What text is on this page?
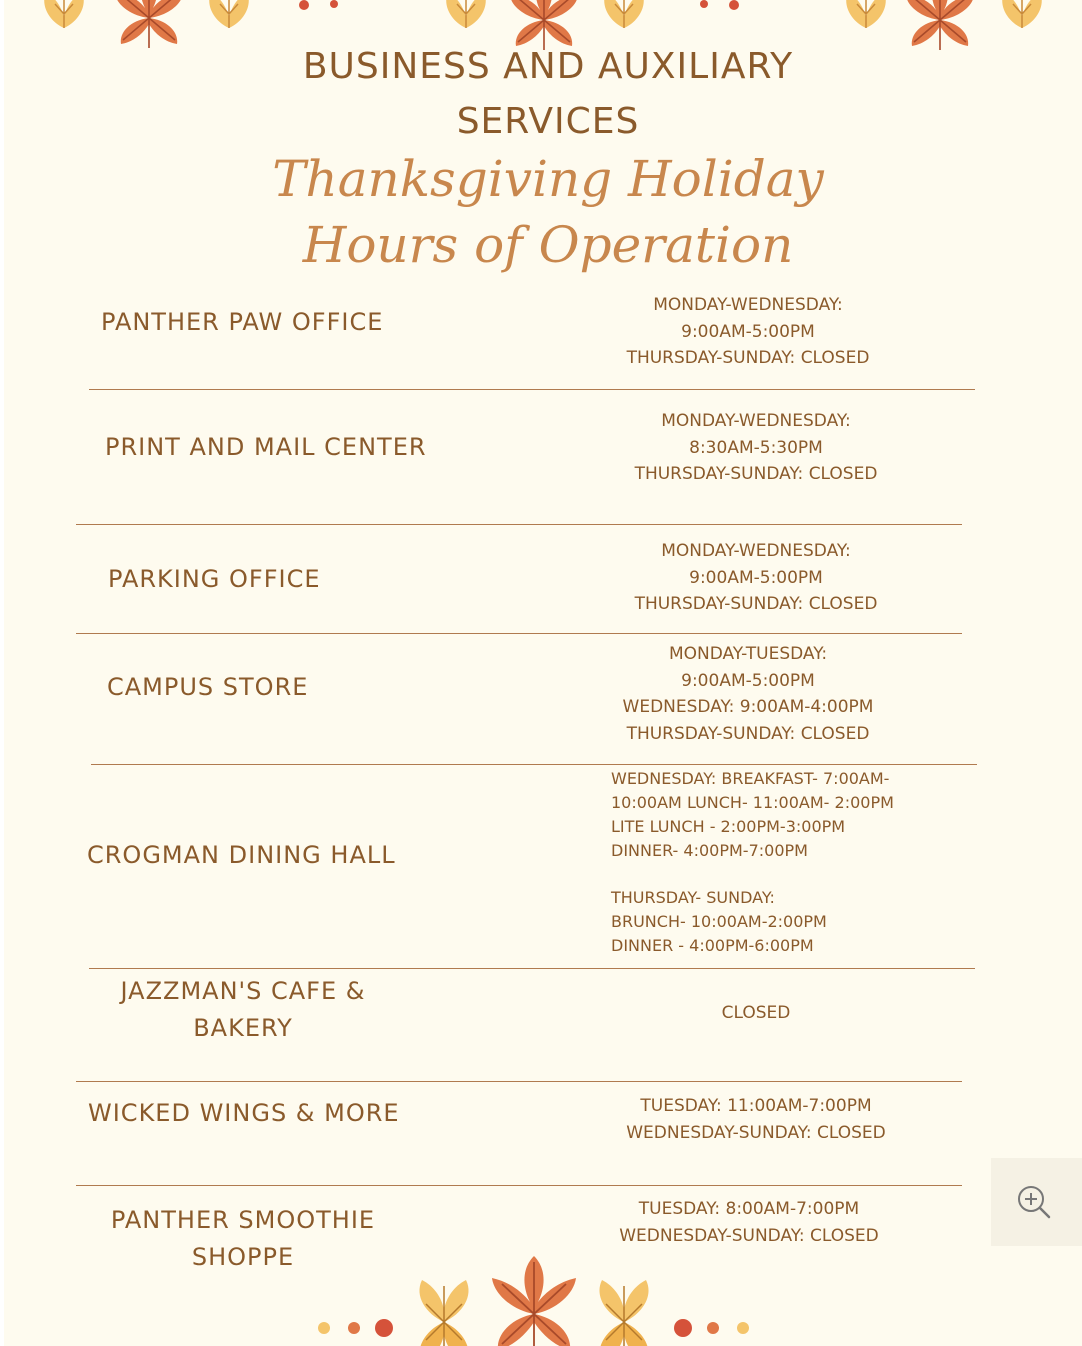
BUSINESS AND AUXILIARY
SERVICES
Thanksgiving Holiday
Hours of Operation
PANTHER PAW OFFICE
MONDAY-WEDNESDAY:
9:00AM-5:00PM
THURSDAY-SUNDAY: CLOSED
PRINT AND MAIL CENTER
MONDAY-WEDNESDAY:
8:30AM-5:30PM
THURSDAY-SUNDAY: CLOSED
PARKING OFFICE
MONDAY-WEDNESDAY:
9:00AM-5:00PM
THURSDAY-SUNDAY: CLOSED
CAMPUS STORE
MONDAY-TUESDAY:
9:00AM-5:00PM
WEDNESDAY: 9:00AM-4:00PM
THURSDAY-SUNDAY: CLOSED
CROGMAN DINING HALL
WEDNESDAY: BREAKFAST- 7:00AM-
10:00AM LUNCH- 11:00AM- 2:00PM
LITE LUNCH - 2:00PM-3:00PM
DINNER- 4:00PM-7:00PM
THURSDAY- SUNDAY:
BRUNCH- 10:00AM-2:00PM
DINNER - 4:00PM-6:00PM
JAZZMAN'S CAFE &
BAKERY
CLOSED
WICKED WINGS & MORE	TUESDAY: 11:00AM-7:00PM
WEDNESDAY-SUNDAY: CLOSED
PANTHER SMOOTHIE
SHOPPE
TUESDAY: 8:00AM-7:00PM
WEDNESDAY-SUNDAY: CLOSED
